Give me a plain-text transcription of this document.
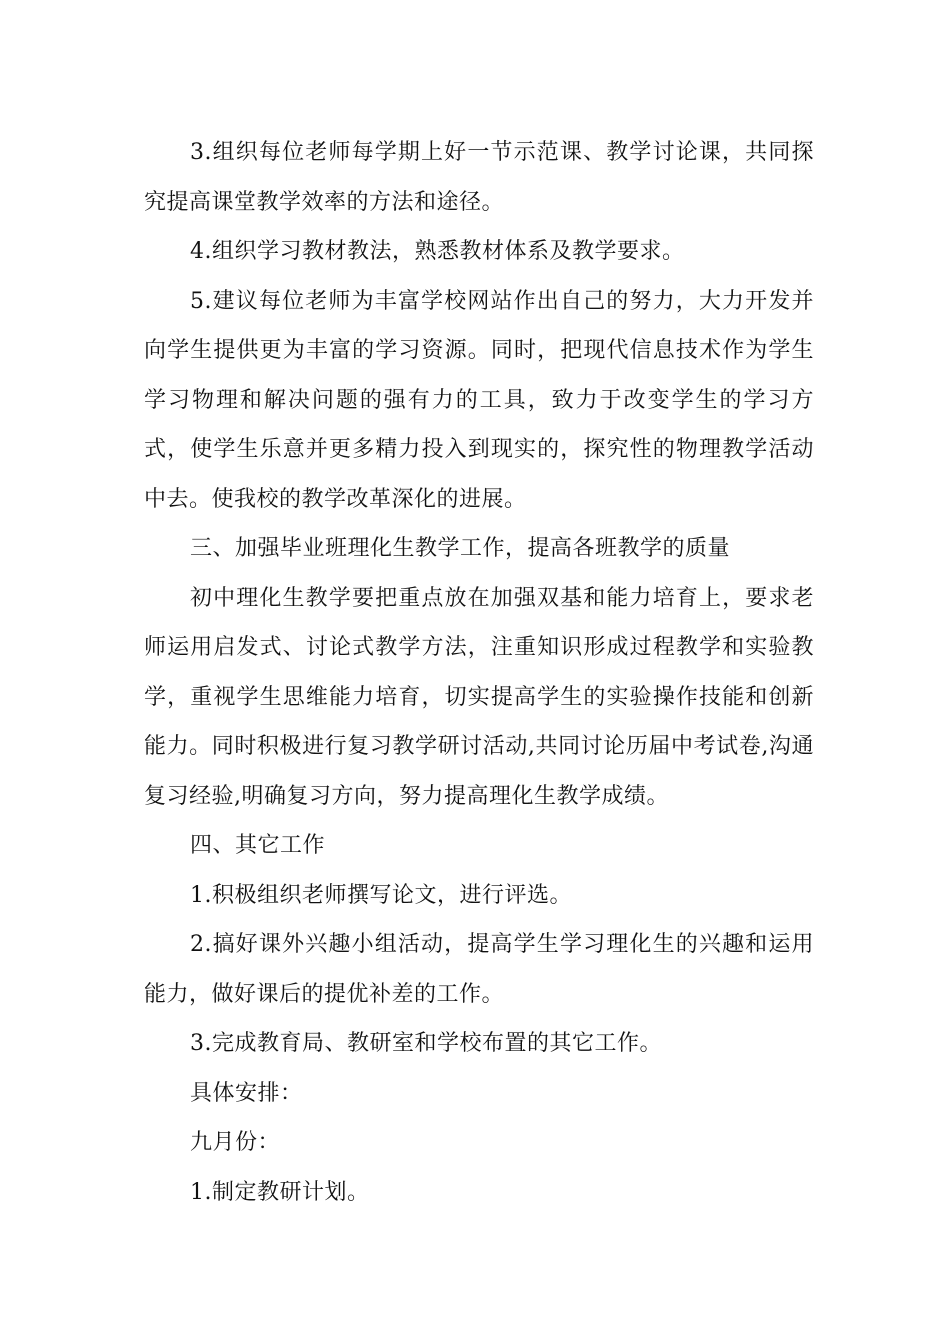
3.组织每位老师每学期上好一节示范课、教学讨论课，共同探究提高课堂教学效率的方法和途径。

4.组织学习教材教法，熟悉教材体系及教学要求。

5.建议每位老师为丰富学校网站作出自己的努力，大力开发并向学生提供更为丰富的学习资源。同时，把现代信息技术作为学生学习物理和解决问题的强有力的工具，致力于改变学生的学习方式，使学生乐意并更多精力投入到现实的，探究性的物理教学活动中去。使我校的教学改革深化的进展。

三、加强毕业班理化生教学工作，提高各班教学的质量

初中理化生教学要把重点放在加强双基和能力培育上，要求老师运用启发式、讨论式教学方法，注重知识形成过程教学和实验教学，重视学生思维能力培育，切实提高学生的实验操作技能和创新能力。同时积极进行复习教学研讨活动,共同讨论历届中考试卷,沟通复习经验,明确复习方向，努力提高理化生教学成绩。

四、其它工作

1.积极组织老师撰写论文，进行评选。

2.搞好课外兴趣小组活动，提高学生学习理化生的兴趣和运用能力，做好课后的提优补差的工作。

3.完成教育局、教研室和学校布置的其它工作。

具体安排：

九月份：

1.制定教研计划。
